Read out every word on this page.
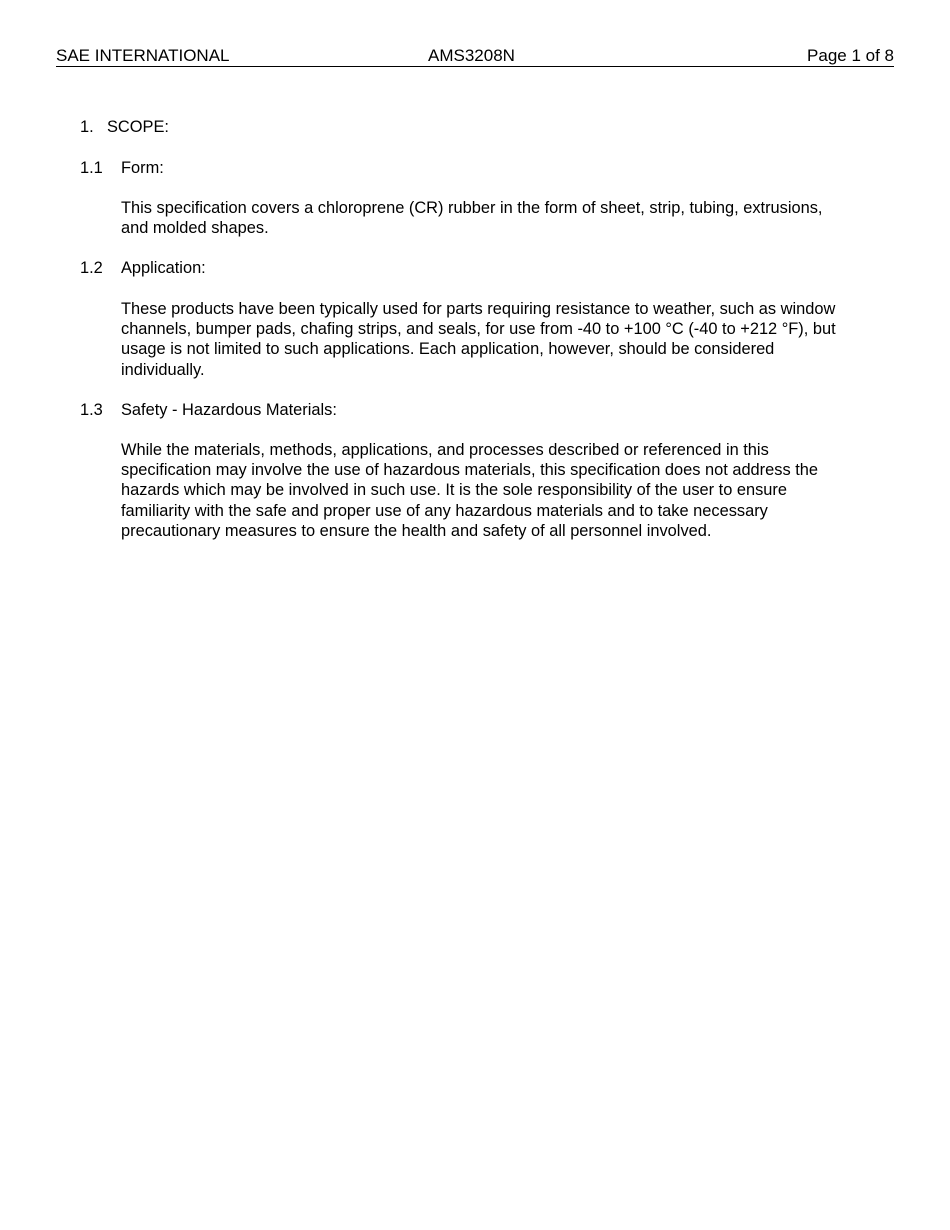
SAE INTERNATIONAL	AMS3208N	Page 1 of 8
1. SCOPE:
1.1 Form:
This specification covers a chloroprene (CR) rubber in the form of sheet, strip, tubing, extrusions,
and molded shapes.
1.2 Application:
These products have been typically used for parts requiring resistance to weather, such as window
channels, bumper pads, chafing strips, and seals, for use from -40 to +100 °C (-40 to +212 °F), but
usage is not limited to such applications. Each application, however, should be considered
individually.
1.3 Safety - Hazardous Materials:
While the materials, methods, applications, and processes described or referenced in this
specification may involve the use of hazardous materials, this specification does not address the
hazards which may be involved in such use. It is the sole responsibility of the user to ensure
familiarity with the safe and proper use of any hazardous materials and to take necessary
precautionary measures to ensure the health and safety of all personnel involved.
